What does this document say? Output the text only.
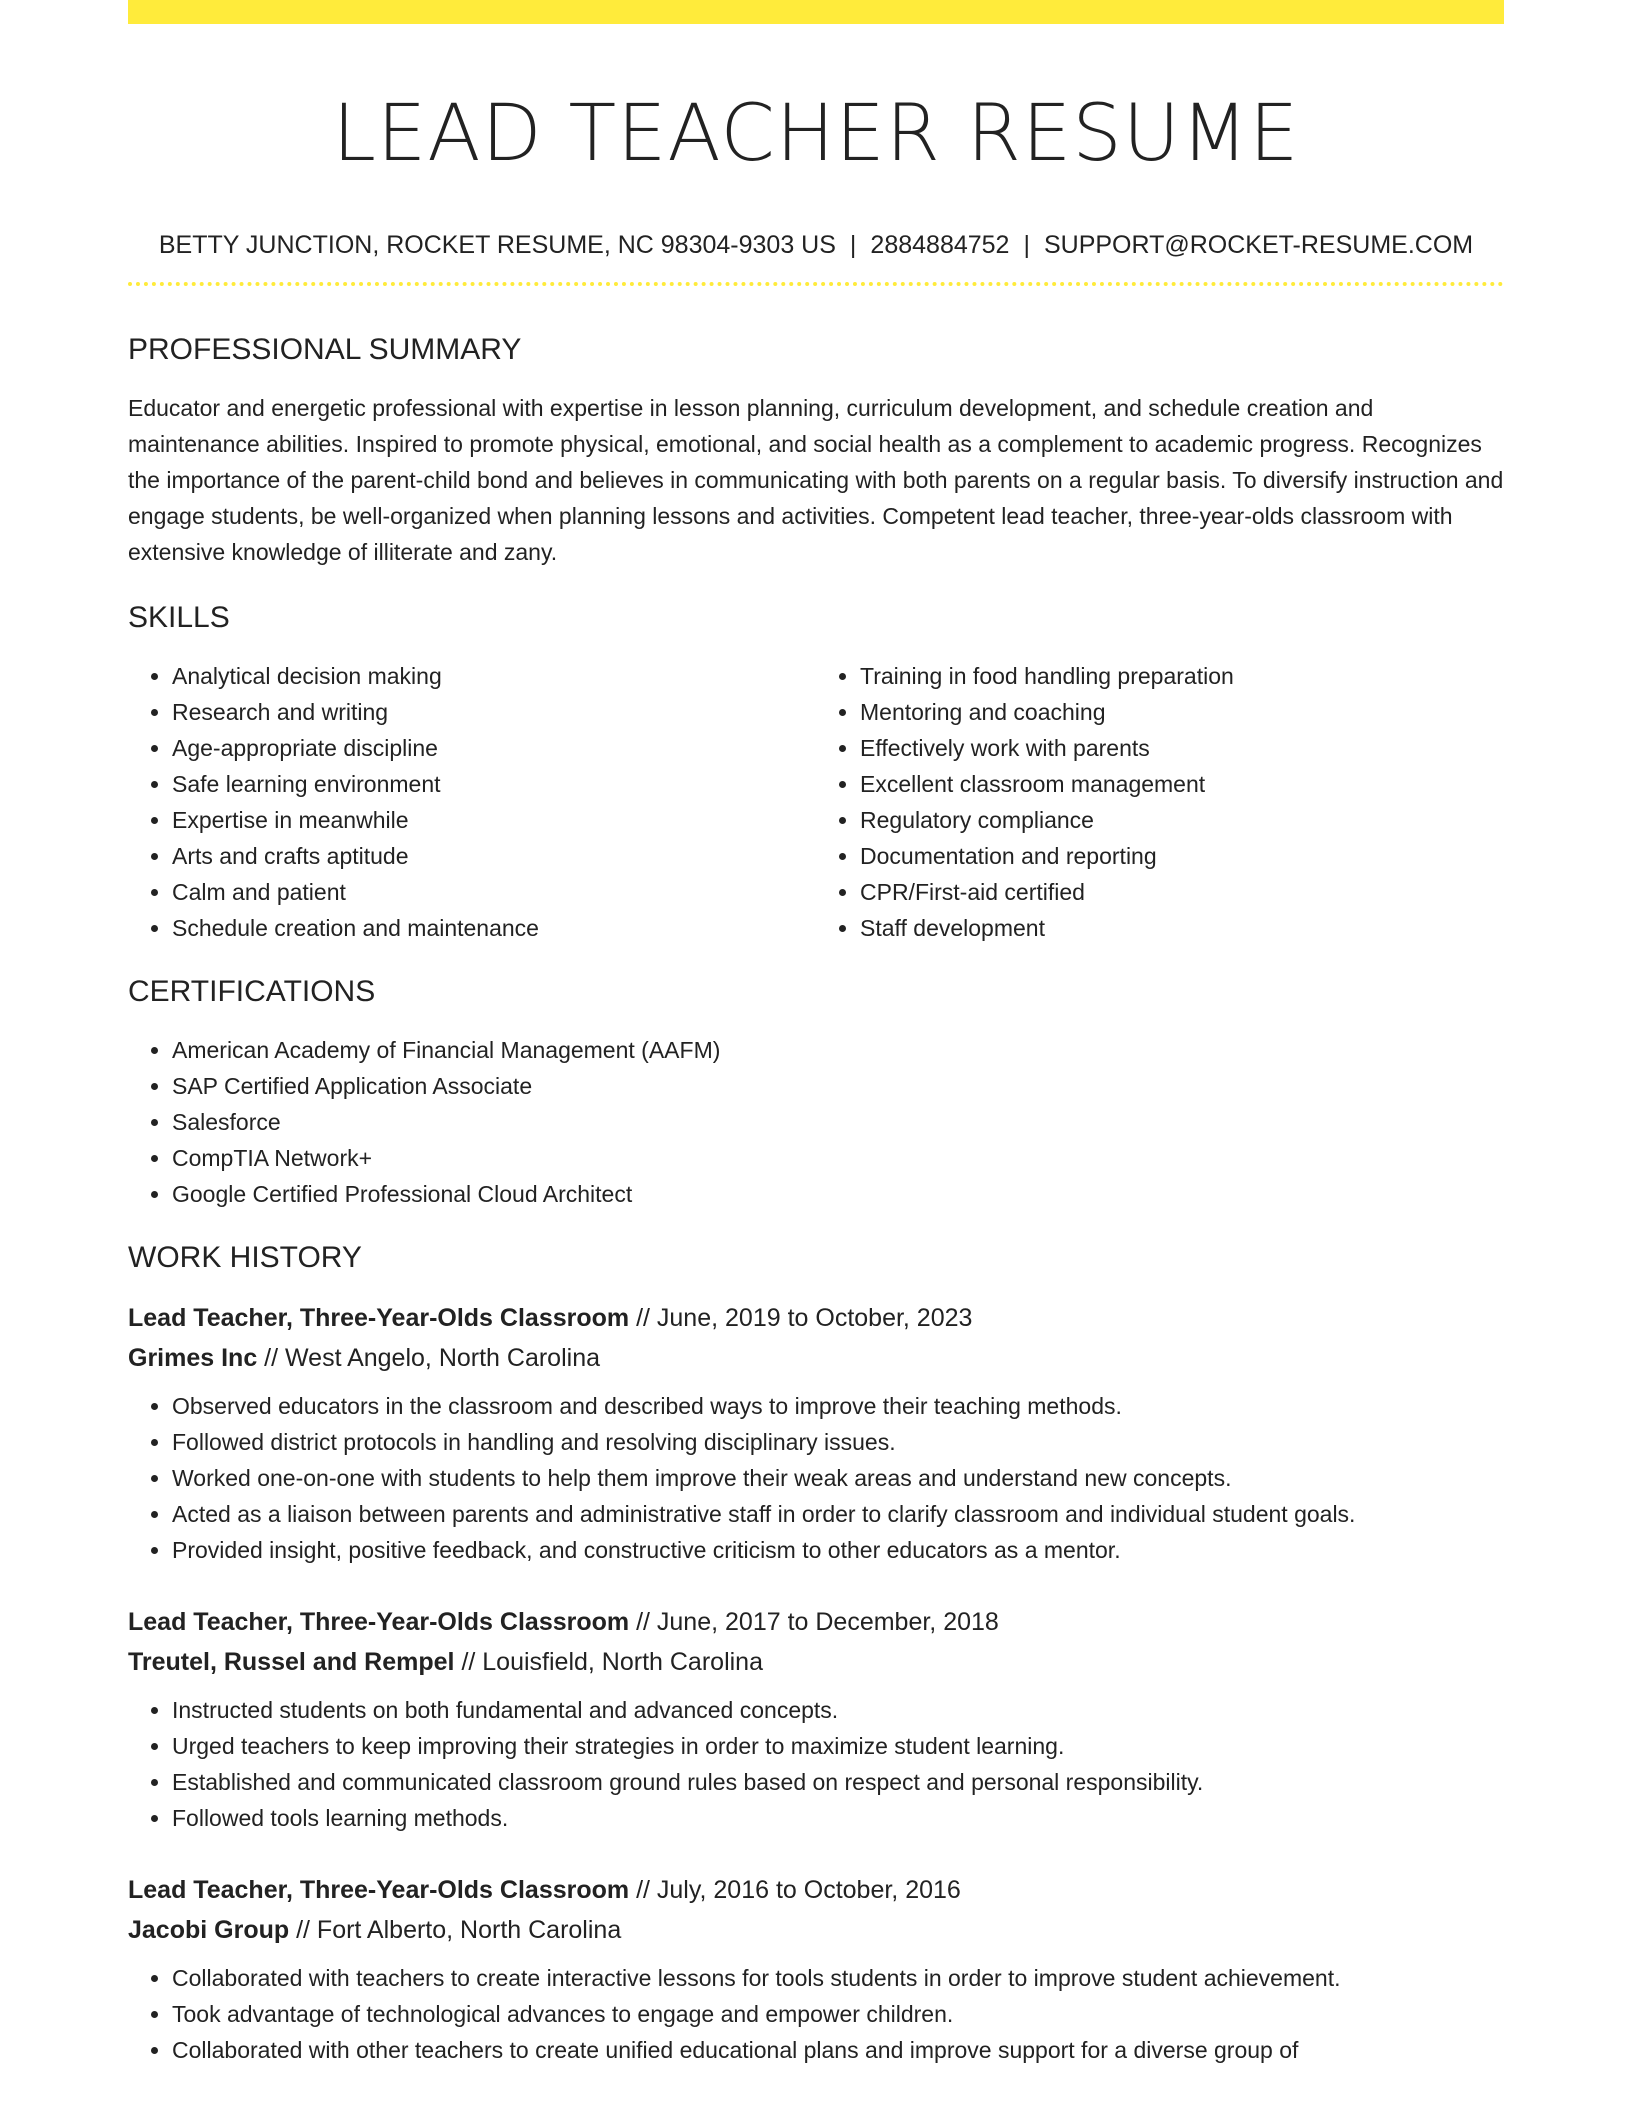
LEAD TEACHER RESUME
BETTY JUNCTION, ROCKET RESUME, NC 98304-9303 US | 2884884752 | SUPPORT@ROCKET-RESUME.COM
PROFESSIONAL SUMMARY
Educator and energetic professional with expertise in lesson planning, curriculum development, and schedule creation and maintenance abilities. Inspired to promote physical, emotional, and social health as a complement to academic progress. Recognizes the importance of the parent-child bond and believes in communicating with both parents on a regular basis. To diversify instruction and engage students, be well-organized when planning lessons and activities. Competent lead teacher, three-year-olds classroom with extensive knowledge of illiterate and zany.
SKILLS
• Analytical decision making
• Research and writing
• Age-appropriate discipline
• Safe learning environment
• Expertise in meanwhile
• Arts and crafts aptitude
• Calm and patient
• Schedule creation and maintenance
• Training in food handling preparation
• Mentoring and coaching
• Effectively work with parents
• Excellent classroom management
• Regulatory compliance
• Documentation and reporting
• CPR/First-aid certified
• Staff development
CERTIFICATIONS
• American Academy of Financial Management (AAFM)
• SAP Certified Application Associate
• Salesforce
• CompTIA Network+
• Google Certified Professional Cloud Architect
WORK HISTORY
Lead Teacher, Three-Year-Olds Classroom // June, 2019 to October, 2023
Grimes Inc // West Angelo, North Carolina
• Observed educators in the classroom and described ways to improve their teaching methods.
• Followed district protocols in handling and resolving disciplinary issues.
• Worked one-on-one with students to help them improve their weak areas and understand new concepts.
• Acted as a liaison between parents and administrative staff in order to clarify classroom and individual student goals.
• Provided insight, positive feedback, and constructive criticism to other educators as a mentor.
Lead Teacher, Three-Year-Olds Classroom // June, 2017 to December, 2018
Treutel, Russel and Rempel // Louisfield, North Carolina
• Instructed students on both fundamental and advanced concepts.
• Urged teachers to keep improving their strategies in order to maximize student learning.
• Established and communicated classroom ground rules based on respect and personal responsibility.
• Followed tools learning methods.
Lead Teacher, Three-Year-Olds Classroom // July, 2016 to October, 2016
Jacobi Group // Fort Alberto, North Carolina
• Collaborated with teachers to create interactive lessons for tools students in order to improve student achievement.
• Took advantage of technological advances to engage and empower children.
• Collaborated with other teachers to create unified educational plans and improve support for a diverse group of
